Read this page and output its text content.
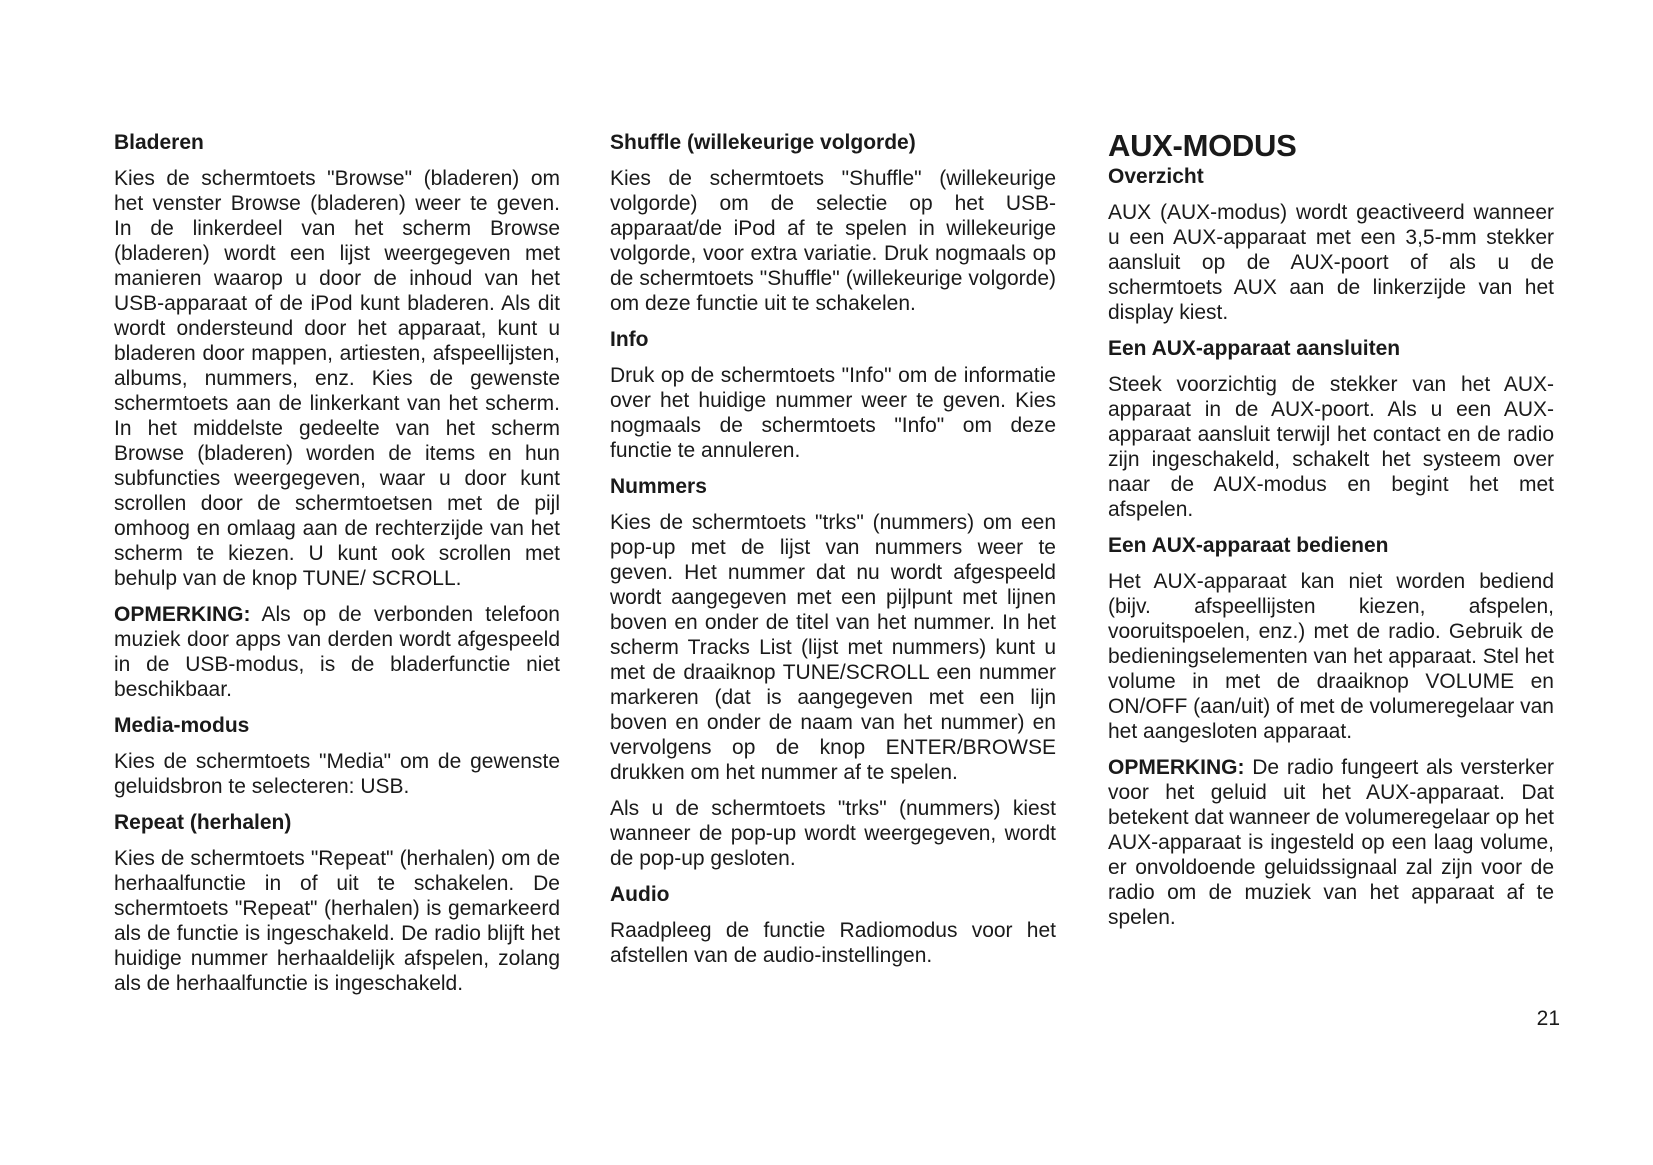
Bladeren

Kies de schermtoets "Browse" (bladeren) om het venster Browse (bladeren) weer te geven. In de linkerdeel van het scherm Browse (bladeren) wordt een lijst weergegeven met manieren waarop u door de inhoud van het USB-apparaat of de iPod kunt bladeren. Als dit wordt ondersteund door het apparaat, kunt u bladeren door mappen, artiesten, afspeellijsten, albums, nummers, enz. Kies de gewenste schermtoets aan de linkerkant van het scherm. In het middelste gedeelte van het scherm Browse (bladeren) worden de items en hun subfuncties weergegeven, waar u door kunt scrollen door de schermtoetsen met de pijl omhoog en omlaag aan de rechterzijde van het scherm te kiezen. U kunt ook scrollen met behulp van de knop TUNE/ SCROLL.

OPMERKING: Als op de verbonden telefoon muziek door apps van derden wordt afgespeeld in de USB-modus, is de bladerfunctie niet beschikbaar.

Media-modus

Kies de schermtoets "Media" om de gewenste geluidsbron te selecteren: USB.

Repeat (herhalen)

Kies de schermtoets "Repeat" (herhalen) om de herhaalfunctie in of uit te schakelen. De schermtoets "Repeat" (herhalen) is gemarkeerd als de functie is ingeschakeld. De radio blijft het huidige nummer herhaaldelijk afspelen, zolang als de herhaalfunctie is ingeschakeld.

Shuffle (willekeurige volgorde)

Kies de schermtoets "Shuffle" (willekeurige volgorde) om de selectie op het USB-apparaat/de iPod af te spelen in willekeurige volgorde, voor extra variatie. Druk nogmaals op de schermtoets "Shuffle" (willekeurige volgorde) om deze functie uit te schakelen.

Info

Druk op de schermtoets "Info" om de informatie over het huidige nummer weer te geven. Kies nogmaals de schermtoets "Info" om deze functie te annuleren.

Nummers

Kies de schermtoets "trks" (nummers) om een pop-up met de lijst van nummers weer te geven. Het nummer dat nu wordt afgespeeld wordt aangegeven met een pijlpunt met lijnen boven en onder de titel van het nummer. In het scherm Tracks List (lijst met nummers) kunt u met de draaiknop TUNE/SCROLL een nummer markeren (dat is aangegeven met een lijn boven en onder de naam van het nummer) en vervolgens op de knop ENTER/BROWSE drukken om het nummer af te spelen.

Als u de schermtoets "trks" (nummers) kiest wanneer de pop-up wordt weergegeven, wordt de pop-up gesloten.

Audio

Raadpleeg de functie Radiomodus voor het afstellen van de audio-instellingen.

AUX-MODUS
Overzicht

AUX (AUX-modus) wordt geactiveerd wanneer u een AUX-apparaat met een 3,5-mm stekker aansluit op de AUX-poort of als u de schermtoets AUX aan de linkerzijde van het display kiest.

Een AUX-apparaat aansluiten

Steek voorzichtig de stekker van het AUX-apparaat in de AUX-poort. Als u een AUX-apparaat aansluit terwijl het contact en de radio zijn ingeschakeld, schakelt het systeem over naar de AUX-modus en begint het met afspelen.

Een AUX-apparaat bedienen

Het AUX-apparaat kan niet worden bediend (bijv. afspeellijsten kiezen, afspelen, vooruitspoelen, enz.) met de radio. Gebruik de bedieningselementen van het apparaat. Stel het volume in met de draaiknop VOLUME en ON/OFF (aan/uit) of met de volumeregelaar van het aangesloten apparaat.

OPMERKING: De radio fungeert als versterker voor het geluid uit het AUX-apparaat. Dat betekent dat wanneer de volumeregelaar op het AUX-apparaat is ingesteld op een laag volume, er onvoldoende geluidssignaal zal zijn voor de radio om de muziek van het apparaat af te spelen.

21
